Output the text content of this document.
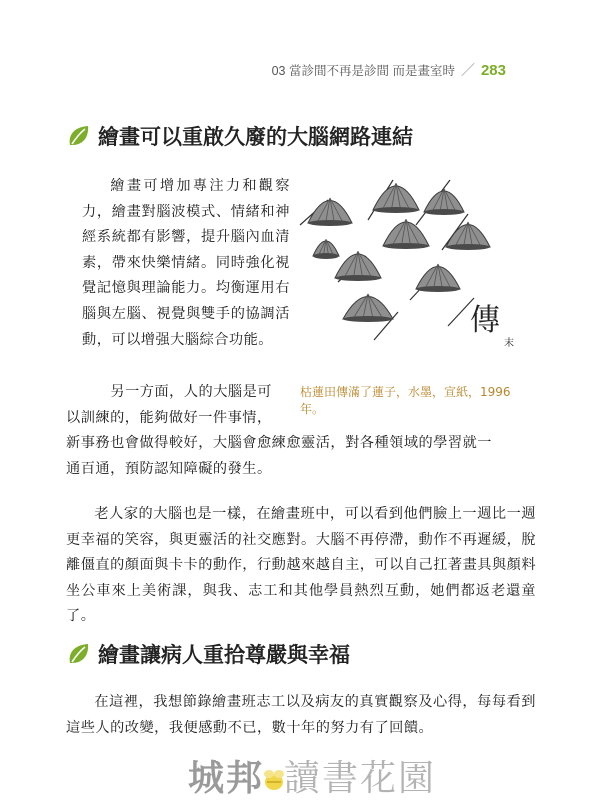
03 當診間不再是診間 而是畫室時 ／ 283
繪畫可以重啟久廢的大腦網路連結

繪畫可增加專注力和觀察力，繪畫對腦波模式、情緒和神經系統都有影響，提升腦內血清素，帶來快樂情緒。同時強化視覺記憶與理論能力。均衡運用右腦與左腦、視覺與雙手的協調活動，可以增强大腦綜合功能。

傳
末
枯蓮田傳滿了蓮子，水墨，宣紙，1996 年。

另一方面，人的大腦是可

以訓練的，能夠做好一件事情，

新事務也會做得較好，大腦會愈練愈靈活，對各種領域的學習就一

通百通，預防認知障礙的發生。

老人家的大腦也是一樣，在繪畫班中，可以看到他們臉上一週比一週更幸福的笑容，與更靈活的社交應對。大腦不再停滯，動作不再遲緩，脫離僵直的顏面與卡卡的動作，行動越來越自主，可以自己扛著畫具與顏料坐公車來上美術課，與我、志工和其他學員熱烈互動，她們都返老還童了。

繪畫讓病人重拾尊嚴與幸福

在這裡，我想節錄繪畫班志工以及病友的真實觀察及心得，每每看到這些人的改變，我便感動不已，數十年的努力有了回饋。

城邦 讀書花園
